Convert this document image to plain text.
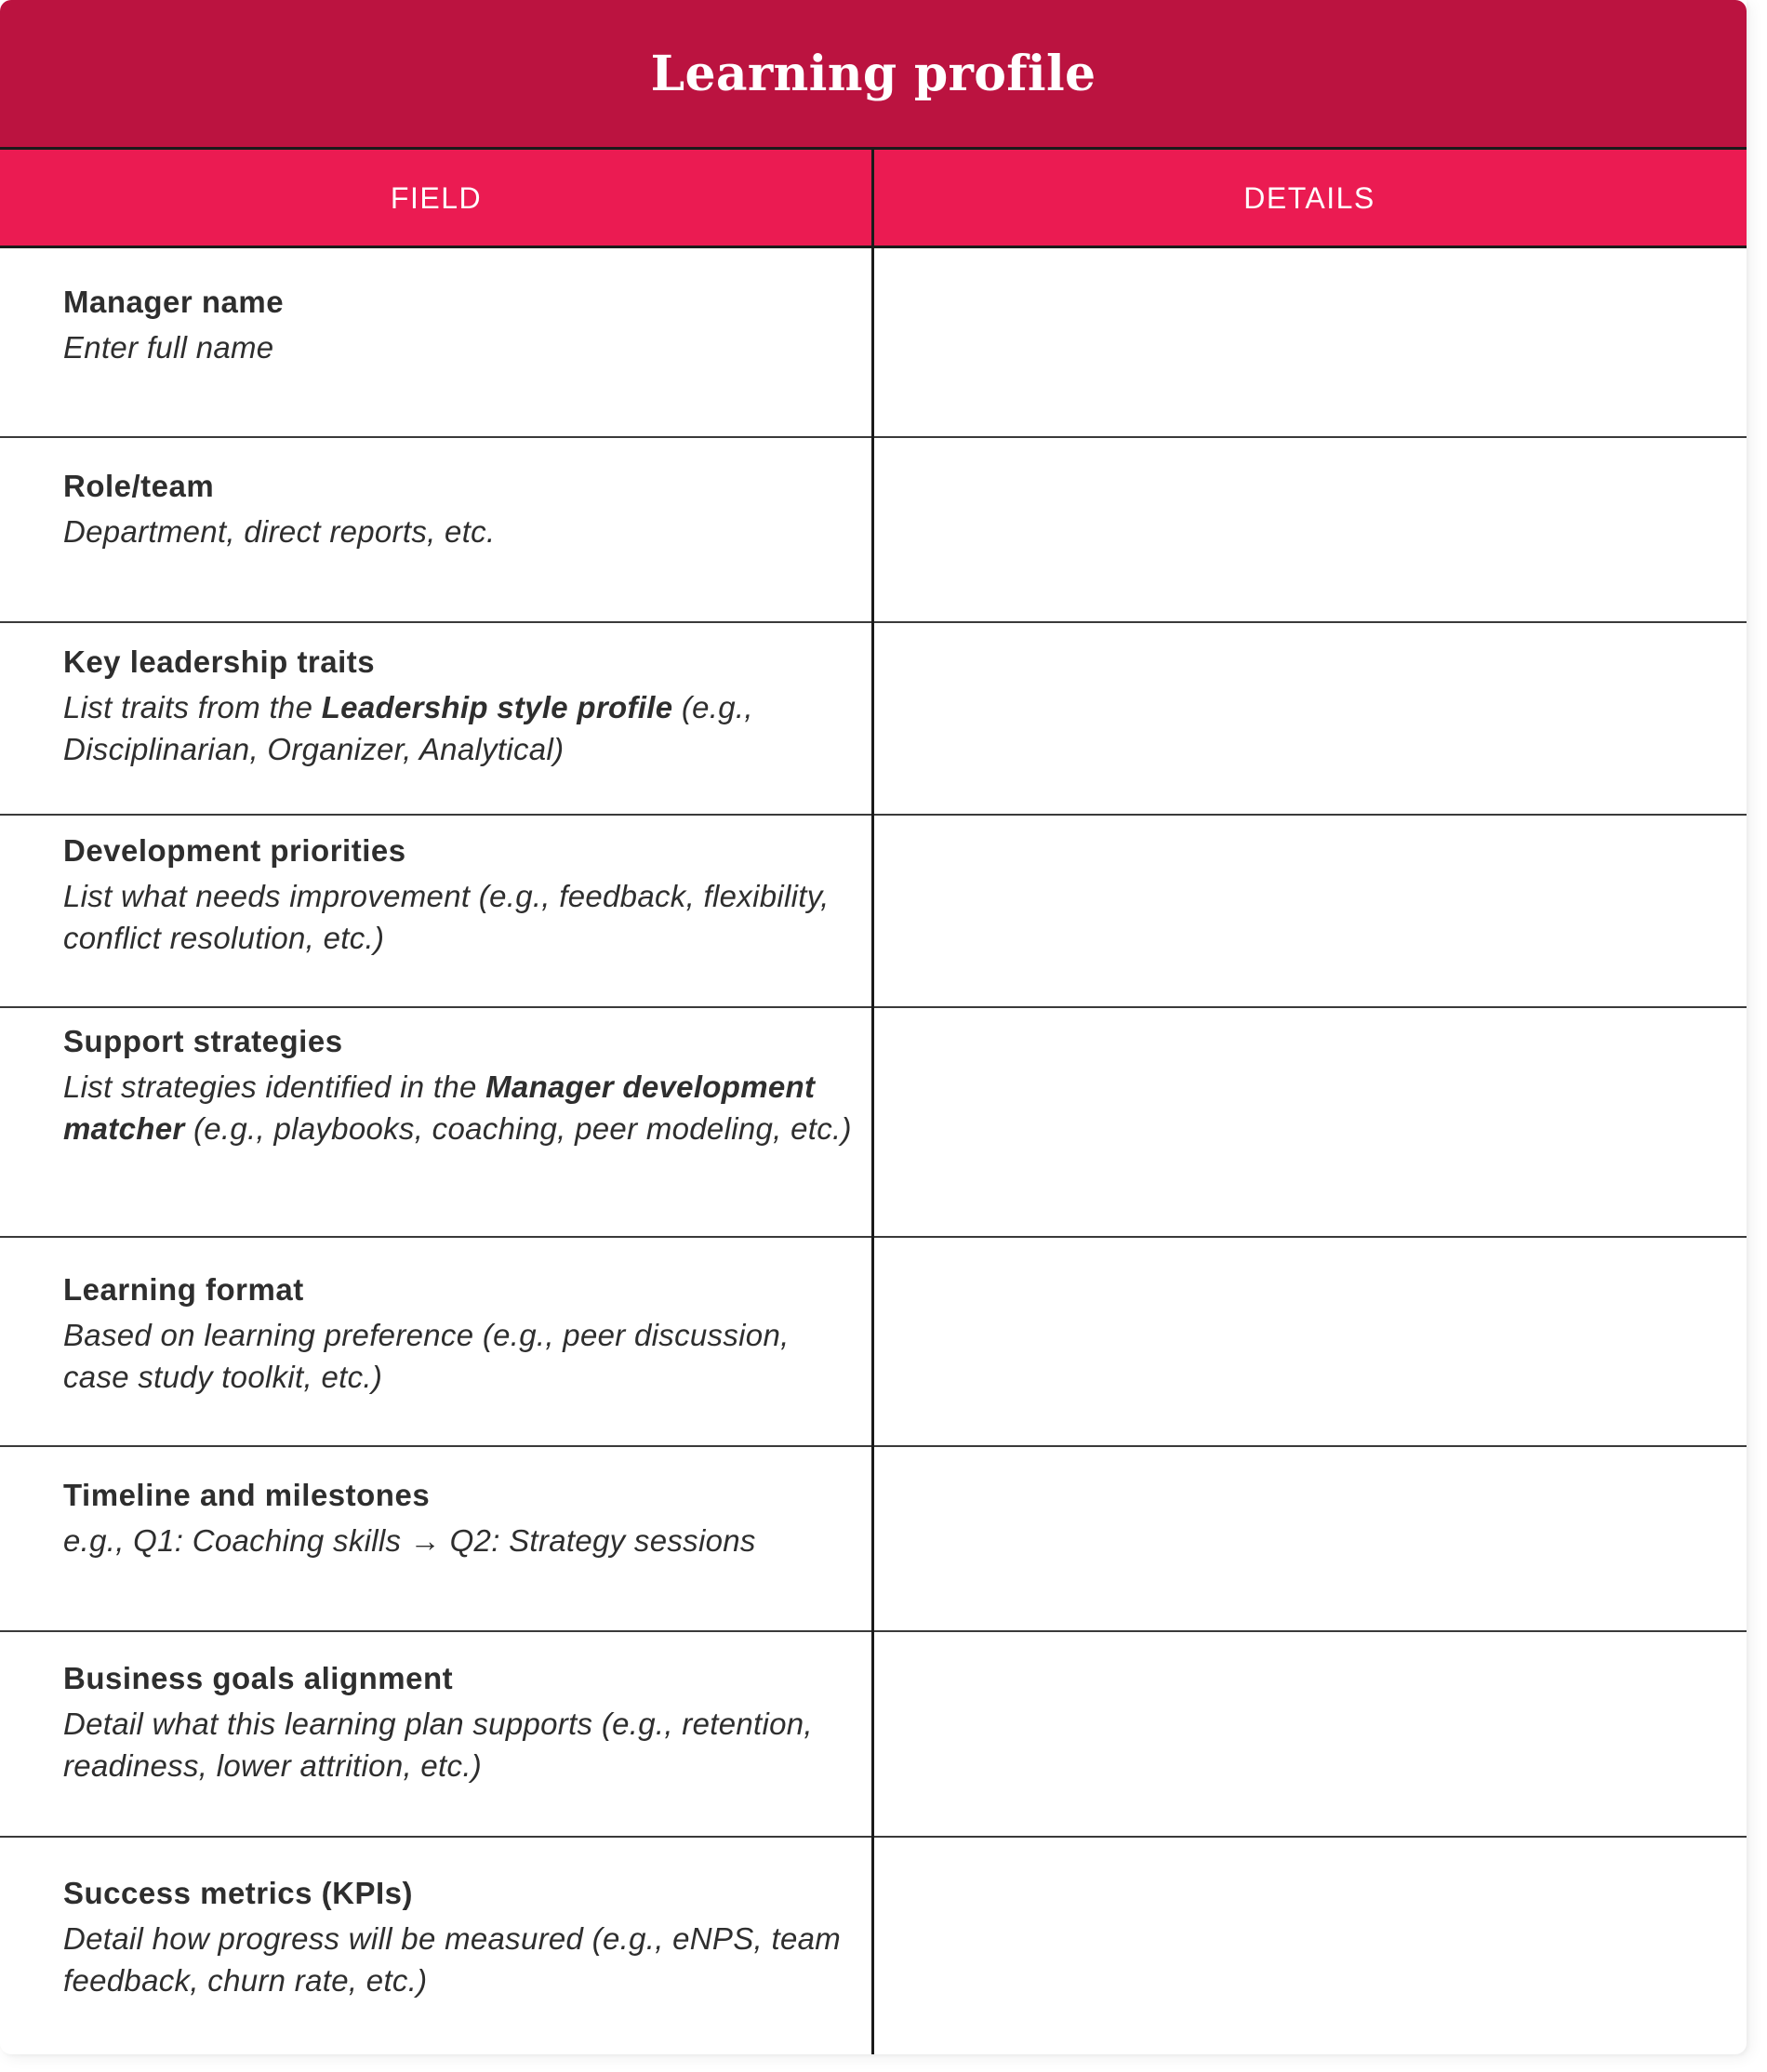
Learning profile
FIELD	DETAILS
Manager name
Enter full name
Role/team
Department, direct reports, etc.
Key leadership traits
List traits from the Leadership style profile (e.g., Disciplinarian, Organizer, Analytical)
Development priorities
List what needs improvement (e.g., feedback, flexibility, conflict resolution, etc.)
Support strategies
List strategies identified in the Manager development matcher (e.g., playbooks, coaching, peer modeling, etc.)
Learning format
Based on learning preference (e.g., peer discussion, case study toolkit, etc.)
Timeline and milestones
e.g., Q1: Coaching skills → Q2: Strategy sessions
Business goals alignment
Detail what this learning plan supports (e.g., retention, readiness, lower attrition, etc.)
Success metrics (KPIs)
Detail how progress will be measured (e.g., eNPS, team feedback, churn rate, etc.)
